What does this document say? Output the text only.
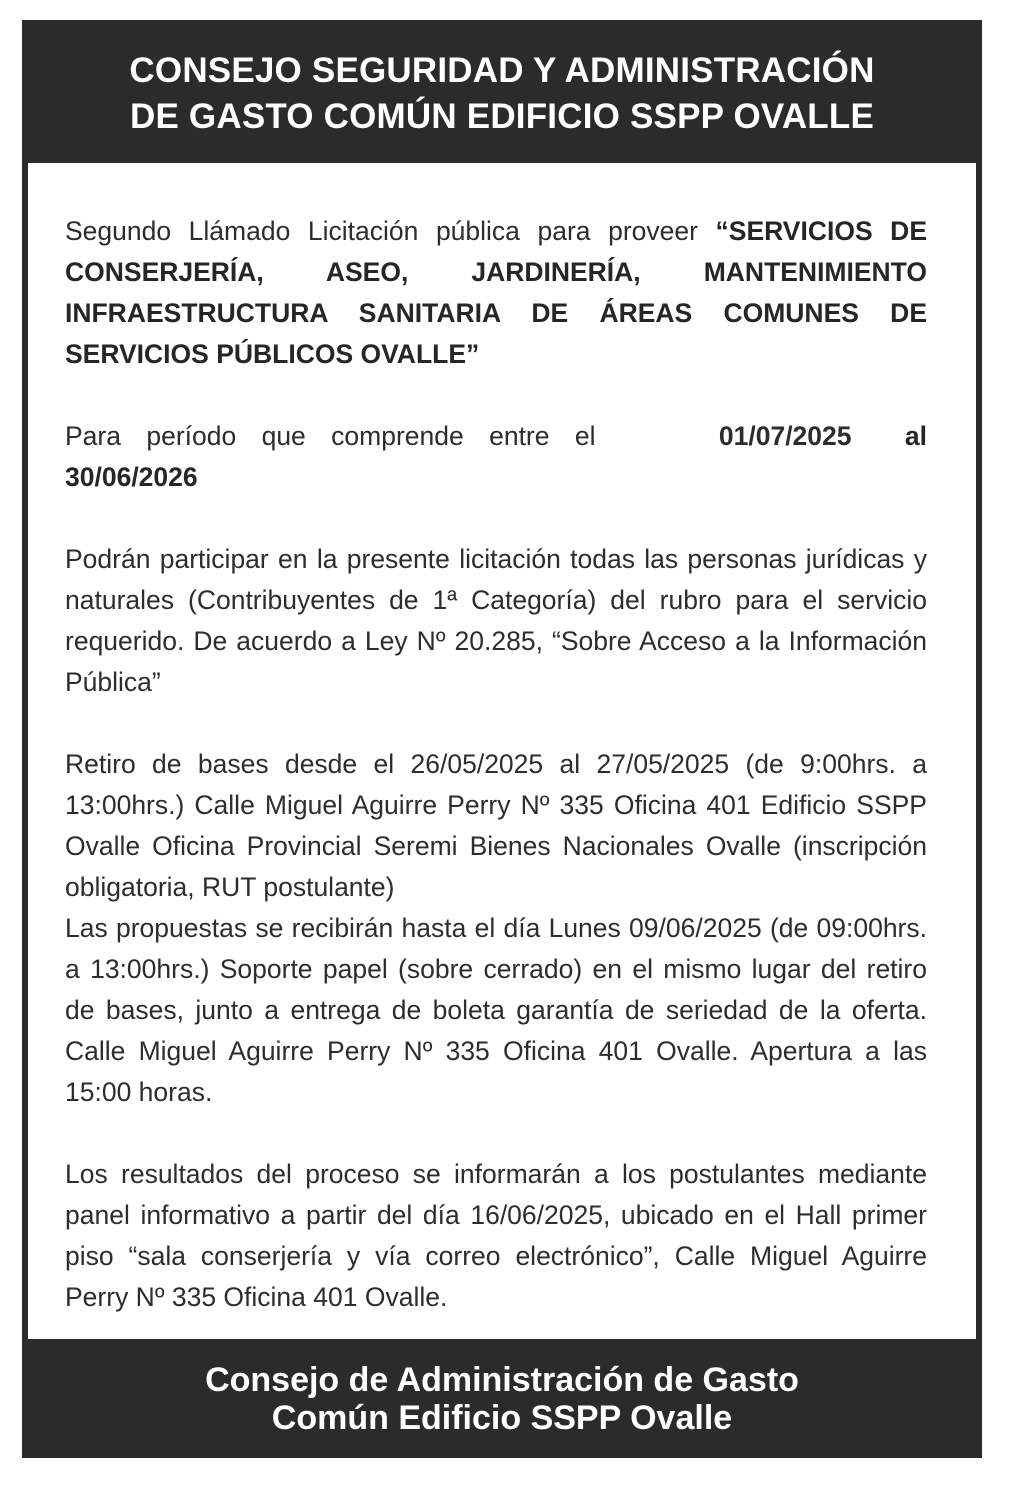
CONSEJO SEGURIDAD Y ADMINISTRACIÓN
DE GASTO COMÚN EDIFICIO SSPP OVALLE

Segundo Llámado Licitación pública para proveer “SERVICIOS DE CONSERJERÍA, ASEO, JARDINERÍA, MANTENIMIENTO INFRAESTRUCTURA SANITARIA DE ÁREAS COMUNES DE SERVICIOS PÚBLICOS OVALLE”

Para período que comprende entre el	01/07/2025 al

30/06/2026

Podrán participar en la presente licitación todas las personas jurídicas y naturales (Contribuyentes de 1ª Categoría) del rubro para el servicio requerido. De acuerdo a Ley Nº 20.285, “Sobre Acceso a la Información Pública”

Retiro de bases desde el 26/05/2025 al 27/05/2025 (de 9:00hrs. a 13:00hrs.) Calle Miguel Aguirre Perry Nº 335 Oficina 401 Edificio SSPP Ovalle Oficina Provincial Seremi Bienes Nacionales Ovalle (inscripción obligatoria, RUT postulante)

Las propuestas se recibirán hasta el día Lunes 09/06/2025 (de 09:00hrs. a 13:00hrs.) Soporte papel (sobre cerrado) en el mismo lugar del retiro de bases, junto a entrega de boleta garantía de seriedad de la oferta. Calle Miguel Aguirre Perry Nº 335 Oficina 401 Ovalle. Apertura a las 15:00 horas.

Los resultados del proceso se informarán a los postulantes mediante panel informativo a partir del día 16/06/2025, ubicado en el Hall primer piso “sala conserjería y vía correo electrónico”, Calle Miguel Aguirre Perry Nº 335 Oficina 401 Ovalle.

Consejo de Administración de Gasto
Común Edificio SSPP Ovalle
